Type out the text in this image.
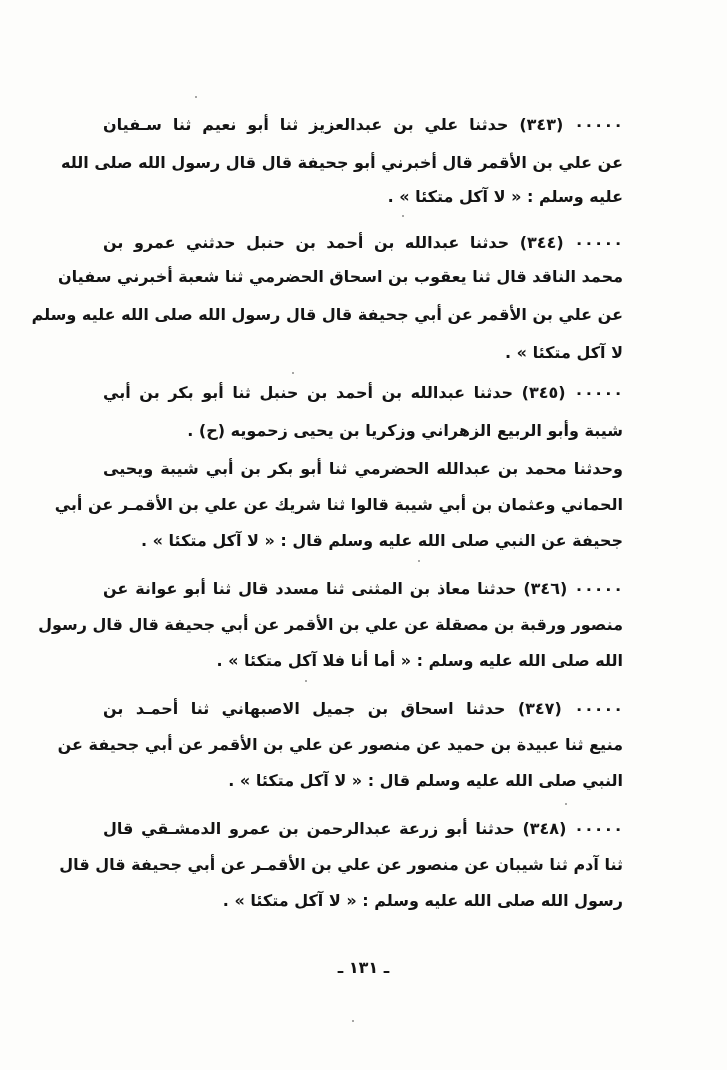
٠٠٠٠٠ (٣٤٣) حدثنا علي بن عبدالعزيز ثنا أبو نعيم ثنا سـفيان
عن علي بن الأقمر قال أخبرني أبو جحيفة قال قال رسول الله صلى الله
عليه وسلم : « لا آكل متكئا » .
٠٠٠٠٠ (٣٤٤) حدثنا عبدالله بن أحمد بن حنبل حدثني عمرو بن
محمد الناقد قال ثنا يعقوب بن اسحاق الحضرمي ثنا شعبة أخبرني سفيان
عن علي بن الأقمر عن أبي جحيفة قال قال رسول الله صلى الله عليه وسلم
لا آكل متكئا » .
٠٠٠٠٠ (٣٤٥) حدثنا عبدالله بن أحمد بن حنبل ثنا أبو بكر بن أبي
شيبة وأبو الربيع الزهراني وزكريا بن يحيى زحمويه (ح) .
وحدثنا محمد بن عبدالله الحضرمي ثنا أبو بكر بن أبي شيبة ويحيى
الحماني وعثمان بن أبي شيبة قالوا ثنا شريك عن علي بن الأقمـر عن أبي
جحيفة عن النبي صلى الله عليه وسلم قال : « لا آكل متكئا » .
٠٠٠٠٠ (٣٤٦) حدثنا معاذ بن المثنى ثنا مسدد قال ثنا أبو عوانة عن
منصور ورقبة بن مصقلة عن علي بن الأقمر عن أبي جحيفة قال قال رسول
الله صلى الله عليه وسلم : « أما أنا فلا آكل متكئا » .
٠٠٠٠٠ (٣٤٧) حدثنا اسحاق بن جميل الاصبهاني ثنا أحمـد بن
منيع ثنا عبيدة بن حميد عن منصور عن علي بن الأقمر عن أبي جحيفة عن
النبي صلى الله عليه وسلم قال : « لا آكل متكئا » .
٠٠٠٠٠ (٣٤٨) حدثنا أبو زرعة عبدالرحمن بن عمرو الدمشـقي قال
ثنا آدم ثنا شيبان عن منصور عن علي بن الأقمـر عن أبي جحيفة قال قال
رسول الله صلى الله عليه وسلم : « لا آكل متكئا » .
ـ ١٣١ ـ
